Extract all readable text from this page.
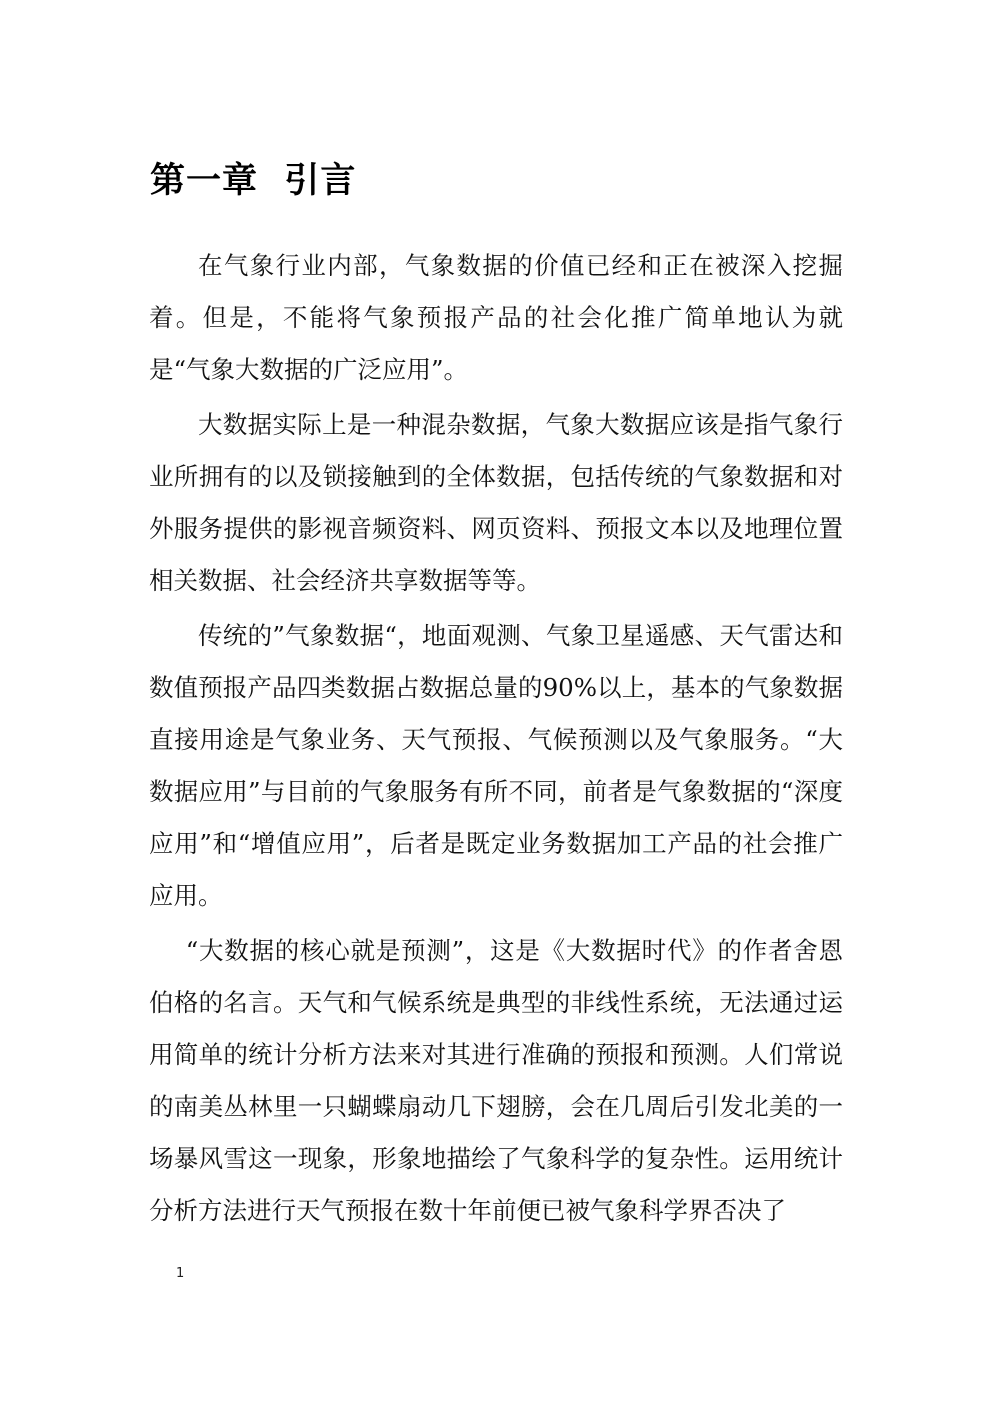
第一章  引言

在气象行业内部，气象数据的价值已经和正在被深入挖掘着。但是，不能将气象预报产品的社会化推广简单地认为就是“气象大数据的广泛应用”。

大数据实际上是一种混杂数据，气象大数据应该是指气象行业所拥有的以及锁接触到的全体数据，包括传统的气象数据和对外服务提供的影视音频资料、网页资料、预报文本以及地理位置相关数据、社会经济共享数据等等。

传统的”气象数据“，地面观测、气象卫星遥感、天气雷达和数值预报产品四类数据占数据总量的90%以上，基本的气象数据直接用途是气象业务、天气预报、气候预测以及气象服务。“大数据应用”与目前的气象服务有所不同，前者是气象数据的“深度应用”和“增值应用”，后者是既定业务数据加工产品的社会推广应用。

“大数据的核心就是预测”，这是《大数据时代》的作者舍恩伯格的名言。天气和气候系统是典型的非线性系统，无法通过运用简单的统计分析方法来对其进行准确的预报和预测。人们常说的南美丛林里一只蝴蝶扇动几下翅膀，会在几周后引发北美的一场暴风雪这一现象，形象地描绘了气象科学的复杂性。运用统计分析方法进行天气预报在数十年前便已被气象科学界否决了

1
